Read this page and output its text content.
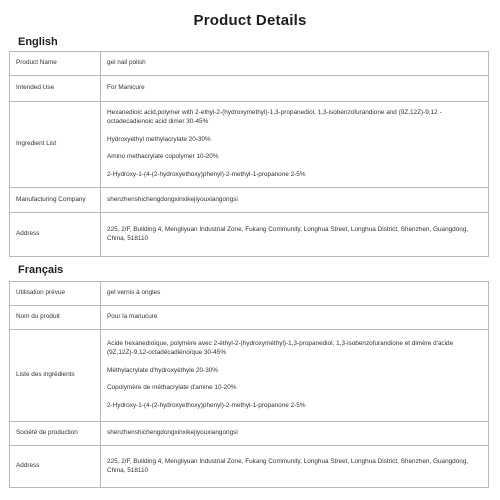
Product Details
English
Product Name	gel nail polish
Intended Use	For Manicure
Ingredient List	Hexanedioic acid,polymer with 2-ethyl-2-(hydroxymethyl)-1,3-propanediol, 1,3-isobenzofurandione and (9Z,12Z)-9,12 - octadecadienoic acid dimer 30-45%

Hydroxyethyl methylacrylate 20-30%

Amino methacrylate copolymer 10-20%

2-Hydroxy-1-(4-(2-hydroxyethoxy)phenyl)-2-methyl-1-propanone 2-5%

Manufacturing Company	shenzhenshichengdongxinxikejiyouxiangongsi
Address	225, 2/F, Building 4, Mengliyuan Industrial Zone, Fukang Community, Longhua Street, Longhua District, Shenzhen, Guangdong, China, 518110
Français
Utilisation prévue	gel vernis à ongles
Nom du produit	Pour la manucure
Liste des ingrédients	Acide hexanedioïque, polymère avec 2-éthyl-2-(hydroxyméthyl)-1,3-propanediol, 1,3-isobenzofurandione et dimère d'acide (9Z,12Z)-9,12-octadécadiénoïque 30-45%

Méthylacrylate d'hydroxyéthyle 20-30%

Copolymère de méthacrylate d'amine 10-20%

2-Hydroxy-1-(4-(2-hydroxyethoxy)phenyl)-2-methyl-1-propanone 2-5%

Société de production	shenzhenshichengdongxinxikejiyouxiangongsi
Address	225, 2/F, Building 4, Mengliyuan Industrial Zone, Fukang Community, Longhua Street, Longhua District, Shenzhen, Guangdong, China, 518110
